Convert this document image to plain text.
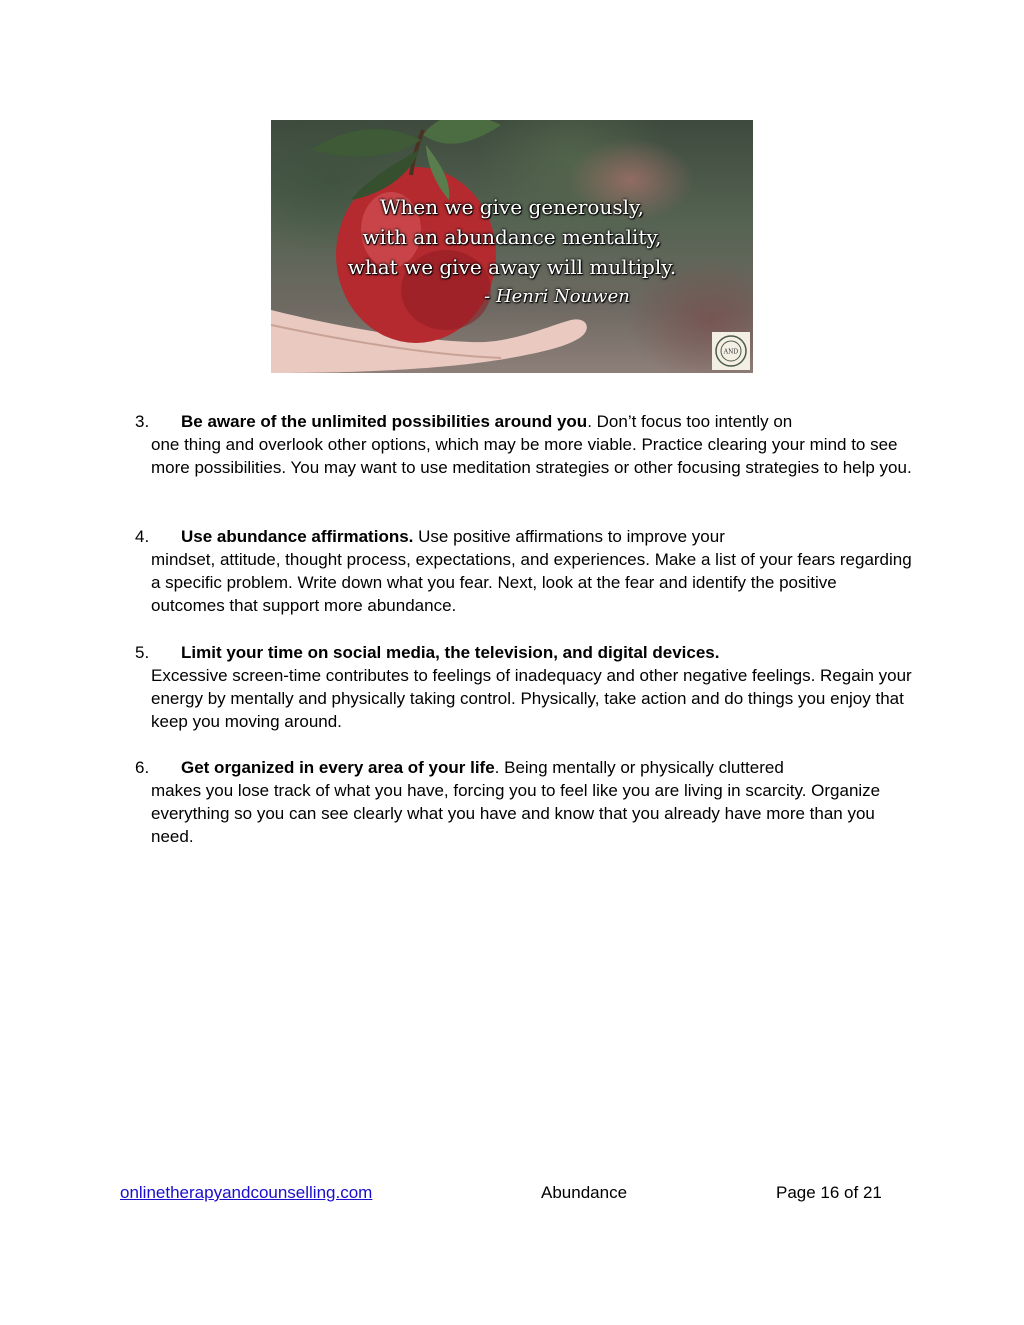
When we give generously,
with an abundance mentality,
what we give away will multiply.
- Henri Nouwen
AND
3. Be aware of the unlimited possibilities around you. Don’t focus too intently on
one thing and overlook other options, which may be more viable. Practice clearing your mind to see more possibilities. You may want to use meditation strategies or other focusing strategies to help you.
4. Use abundance affirmations. Use positive affirmations to improve your
mindset, attitude, thought process, expectations, and experiences. Make a list of your fears regarding a specific problem. Write down what you fear. Next, look at the fear and identify the positive outcomes that support more abundance.
5. Limit your time on social media, the television, and digital devices.
Excessive screen-time contributes to feelings of inadequacy and other negative feelings. Regain your energy by mentally and physically taking control. Physically, take action and do things you enjoy that keep you moving around.
6. Get organized in every area of your life. Being mentally or physically cluttered
makes you lose track of what you have, forcing you to feel like you are living in scarcity. Organize everything so you can see clearly what you have and know that you already have more than you need.
onlinetherapyandcounselling.com	Abundance	Page 16 of 21
